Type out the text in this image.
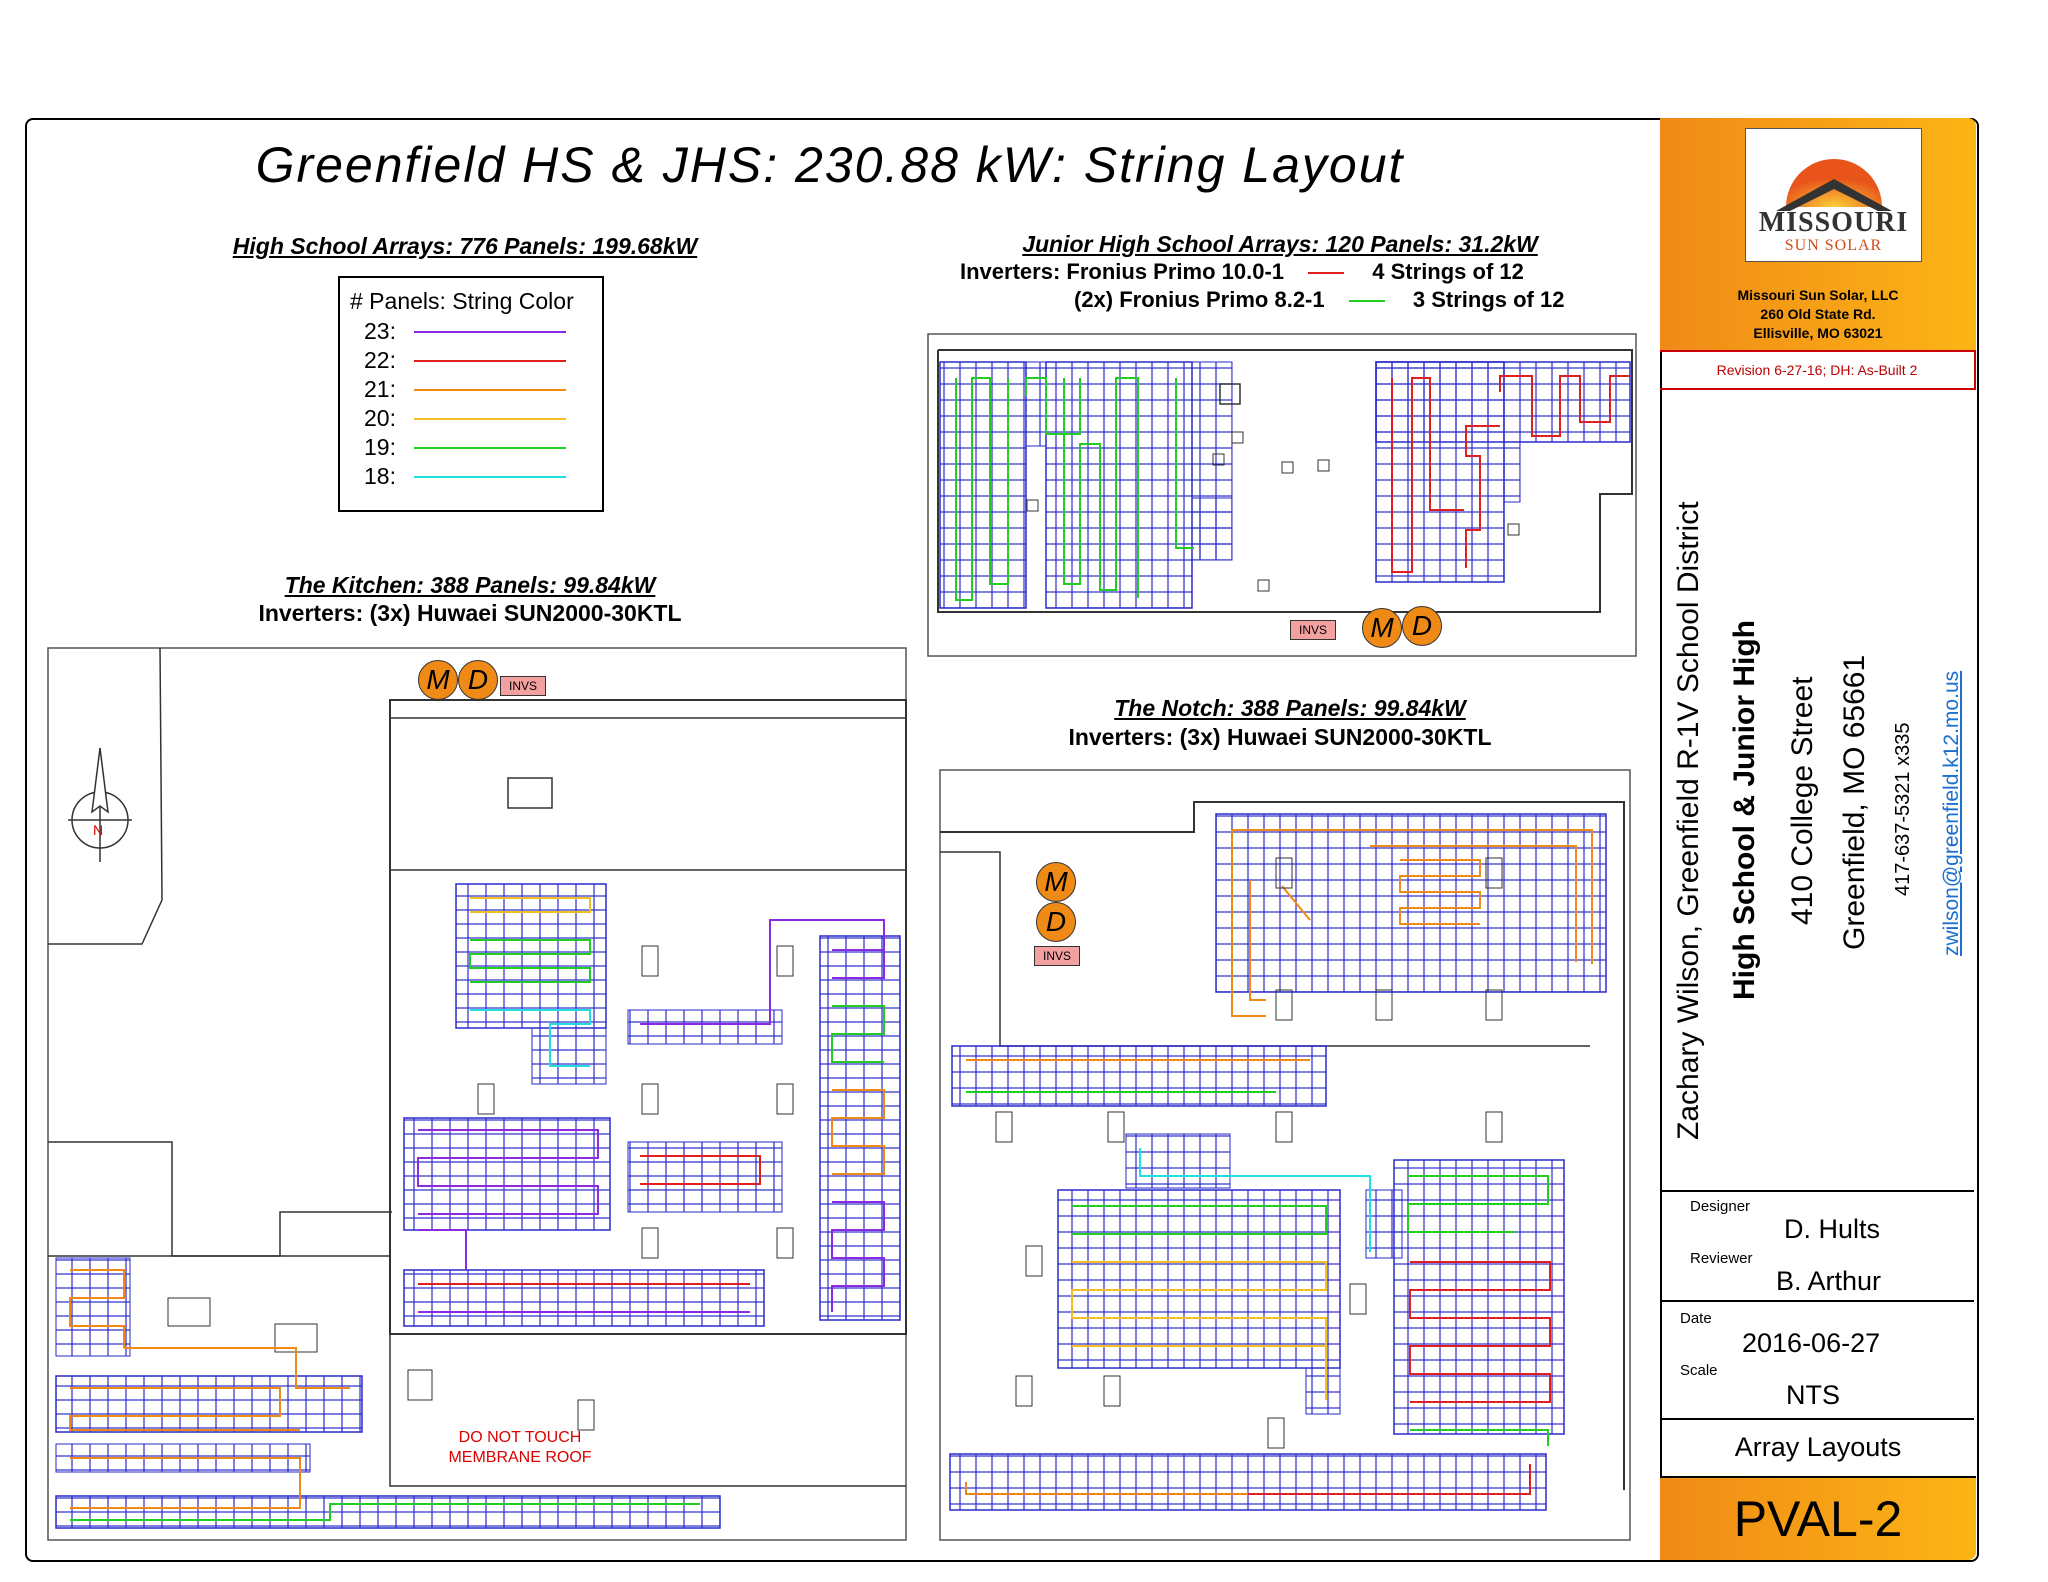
Greenfield HS & JHS: 230.88 kW: String Layout
High School Arrays: 776 Panels: 199.68kW
# Panels: String Color
23:
22:
21:
20:
19:
18:
Junior High School Arrays: 120 Panels: 31.2kW
Inverters: Fronius Primo 10.0-1	4 Strings of 12
(2x) Fronius Primo 8.2-1	3 Strings of 12
The Kitchen: 388 Panels: 99.84kW
Inverters: (3x) Huwaei SUN2000-30KTL
The Notch: 388 Panels: 99.84kW
Inverters: (3x) Huwaei SUN2000-30KTL
N
DO NOT TOUCH MEMBRANE ROOF
M D	INVS
M D
INVS
M
D
INVS
MISSOURI
SUN SOLAR
Missouri Sun Solar, LLC
260 Old State Rd.
Ellisville, MO 63021
Revision 6-27-16; DH: As-Built 2
Zachary Wilson, Greenfield R-1V School District High School & Junior High 410 College Street Greenfield, MO 65661 417-637-5321 x335 zwilson@greenfield.k12.mo.us
Designer
D. Hults
Reviewer
B. Arthur
Date
2016-06-27
Scale
NTS
Array Layouts
PVAL-2
